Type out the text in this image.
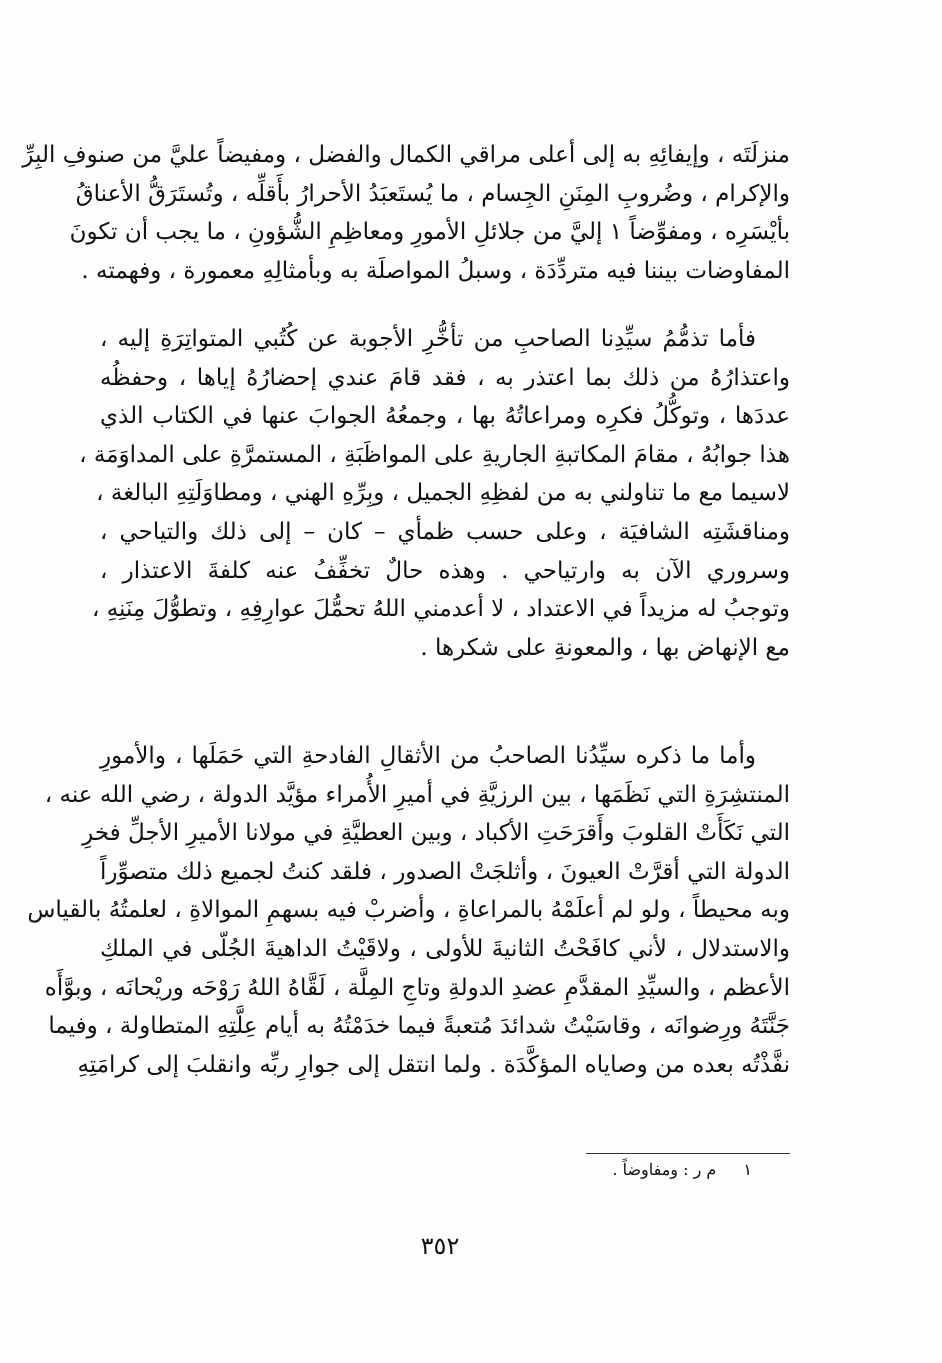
منزلَتَه ، وإيفائِهِ به إلى أعلى مراقي الكمال والفضل ، ومفيضاً عليَّ من صنوفِ البِرِّ
والإكرام ، وضُروبِ المِنَنِ الجِسام ، ما يُستَعبَدُ الأحرارُ بأَقلِّه ، وتُستَرَقُّ الأعناقُ
بأيْسَرِه ، ومفوِّضاً ١ إليَّ من جلائلِ الأمورِ ومعاظِمِ الشُّؤونِ ، ما يجب أن تكونَ
المفاوضات بيننا فيه متردِّدَة ، وسبلُ المواصلَة به وبأمثالِهِ معمورة ، وفهمته .
فأما تذمُّمُ سيِّدِنا الصاحبِ من تأخُّرِ الأجوبة عن كُتُبي المتواتِرَةِ إليه ،
واعتذارُهُ من ذلك بما اعتذر به ، فقد قامَ عندي إحضارُهُ إياها ، وحفظُه
عددَها ، وتوكُّلُ فكرِه ومراعاتُهُ بها ، وجمعُهُ الجوابَ عنها في الكتاب الذي
هذا جوابُهُ ، مقامَ المكاتبةِ الجاريةِ على المواظَبَةِ ، المستمرَّةِ على المداوَمَة ،
لاسيما مع ما تناولني به من لفظِهِ الجميل ، وبِرِّهِ الهني ، ومطاوَلَتِهِ البالغة ،
ومناقشَتِه الشافيَة ، وعلى حسب ظمأي – كان – إلى ذلك والتياحي ،
وسروري الآن به وارتياحي . وهذه حالٌ تخفِّفُ عنه كلفةَ الاعتذار ،
وتوجبُ له مزيداً في الاعتداد ، لا أعدمني اللهُ تحمُّلَ عوارِفِهِ ، وتطوُّلَ مِنَنِهِ ،
مع الإنهاض بها ، والمعونةِ على شكرها .
وأما ما ذكره سيِّدُنا الصاحبُ من الأثقالِ الفادحةِ التي حَمَلَها ، والأمورِ
المنتشِرَةِ التي نَظَمَها ، بين الرزيَّةِ في أميرِ الأُمراء مؤيَّد الدولة ، رضي الله عنه ،
التي نَكَأَتْ القلوبَ وأَقرَحَتِ الأكباد ، وبين العطيَّةِ في مولانا الأميرِ الأجلِّ فخرِ
الدولة التي أقرَّتْ العيونَ ، وأثلجَتْ الصدور ، فلقد كنتُ لجميع ذلك متصوِّراً
وبه محيطاً ، ولو لم أعلَمْهُ بالمراعاةِ ، وأضربْ فيه بسهمِ الموالاةِ ، لعلمتُهُ بالقياس
والاستدلال ، لأني كافَحْتُ الثانيةَ للأولى ، ولاقَيْتُ الداهيةَ الجُلّى في الملكِ
الأعظم ، والسيِّدِ المقدَّمِ عضدِ الدولةِ وتاجِ المِلَّة ، لَقَّاهُ اللهُ رَوْحَه وريْحانَه ، وبوَّأَه
جَنَّتَهُ ورِضوانَه ، وقاسَيْتُ شدائدَ مُتعبةً فيما خدَمْتُهُ به أيام عِلَّتِهِ المتطاولة ، وفيما
نفَّذْتُه بعده من وصاياه المؤكَّدَة . ولما انتقل إلى جوارِ ربِّه وانقلبَ إلى كرامَتِهِ
١ م ر : ومفاوضاً .
٣٥٢
